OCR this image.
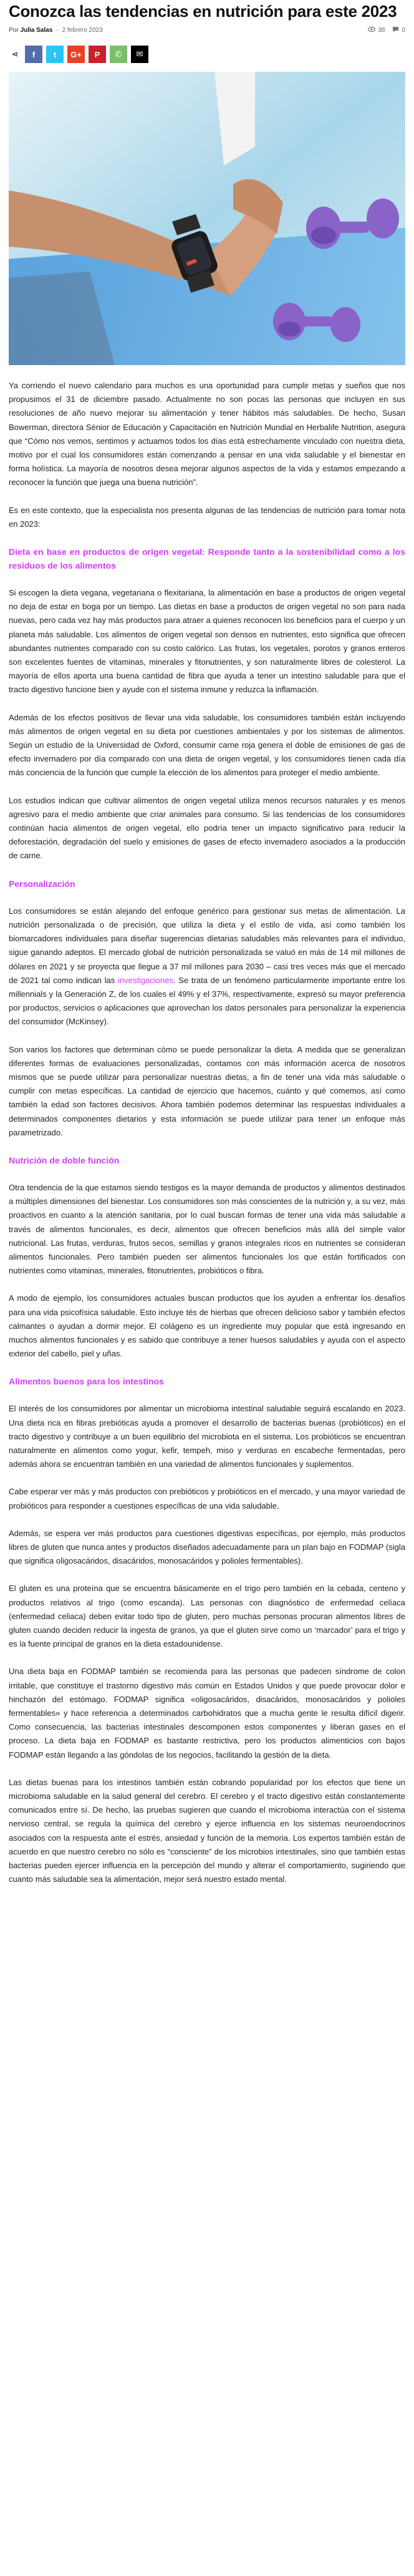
Conozca las tendencias en nutrición para este 2023
Por Julia Salas - 2 febrero 2023	38	0
⋖ f t G+ P ✆ ✉

Ya corriendo el nuevo calendario para muchos es una oportunidad para cumplir metas y sueños que nos propusimos el 31 de diciembre pasado. Actualmente no son pocas las personas que incluyen en sus resoluciones de año nuevo mejorar su alimentación y tener hábitos más saludables. De hecho, Susan Bowerman, directora Sénior de Educación y Capacitación en Nutrición Mundial en Herbalife Nutrition, asegura que “Cómo nos vemos, sentimos y actuamos todos los días está estrechamente vinculado con nuestra dieta, motivo por el cual los consumidores están comenzando a pensar en una vida saludable y el bienestar en forma holística. La mayoría de nosotros desea mejorar algunos aspectos de la vida y estamos empezando a reconocer la función que juega una buena nutrición”.

Es en este contexto, que la especialista nos presenta algunas de las tendencias de nutrición para tomar nota en 2023:

Dieta en base en productos de origen vegetal: Responde tanto a la sostenibilidad como a los residuos de los alimentos

Si escogen la dieta vegana, vegetariana o flexitariana, la alimentación en base a productos de origen vegetal no deja de estar en boga por un tiempo. Las dietas en base a productos de origen vegetal no son para nada nuevas, pero cada vez hay más productos para atraer a quienes reconocen los beneficios para el cuerpo y un planeta más saludable. Los alimentos de origen vegetal son densos en nutrientes, esto significa que ofrecen abundantes nutrientes comparado con su costo calórico. Las frutas, los vegetales, porotos y granos enteros son excelentes fuentes de vitaminas, minerales y fitonutrientes, y son naturalmente libres de colesterol. La mayoría de ellos aporta una buena cantidad de fibra que ayuda a tener un intestino saludable para que el tracto digestivo funcione bien y ayude con el sistema inmune y reduzca la inflamación.

Además de los efectos positivos de llevar una vida saludable, los consumidores también están incluyendo más alimentos de origen vegetal en su dieta por cuestiones ambientales y por los sistemas de alimentos. Según un estudio de la Universidad de Oxford, consumir carne roja genera el doble de emisiones de gas de efecto invernadero por día comparado con una dieta de origen vegetal, y los consumidores tienen cada día más conciencia de la función que cumple la elección de los alimentos para proteger el medio ambiente.

Los estudios indican que cultivar alimentos de origen vegetal utiliza menos recursos naturales y es menos agresivo para el medio ambiente que criar animales para consumo. Si las tendencias de los consumidores continúan hacia alimentos de origen vegetal, ello podría tener un impacto significativo para reducir la deforestación, degradación del suelo y emisiones de gases de efecto invernadero asociados a la producción de carne.

Personalización

Los consumidores se están alejando del enfoque genérico para gestionar sus metas de alimentación. La nutrición personalizada o de precisión, que utiliza la dieta y el estilo de vida, así como también los biomarcadores individuales para diseñar sugerencias dietarias saludables más relevantes para el individuo, sigue ganando adeptos. El mercado global de nutrición personalizada se valuó en más de 14 mil millones de dólares en 2021 y se proyecta que llegue a 37 mil millones para 2030 – casi tres veces más que el mercado de 2021 tal como indican las investigaciones. Se trata de un fenómeno particularmente importante entre los millennials y la Generación Z, de los cuales el 49% y el 37%, respectivamente, expresó su mayor preferencia por productos, servicios o aplicaciones que aprovechan los datos personales para personalizar la experiencia del consumidor (McKinsey).

Son varios los factores que determinan cómo se puede personalizar la dieta. A medida que se generalizan diferentes formas de evaluaciones personalizadas, contamos con más información acerca de nosotros mismos que se puede utilizar para personalizar nuestras dietas, a fin de tener una vida más saludable o cumplir con metas específicas. La cantidad de ejercicio que hacemos, cuánto y qué comemos, así como también la edad son factores decisivos. Ahora también podemos determinar las respuestas individuales a determinados componentes dietarios y esta información se puede utilizar para tener un enfoque más parametrizado.

Nutrición de doble función

Otra tendencia de la que estamos siendo testigos es la mayor demanda de productos y alimentos destinados a múltiples dimensiones del bienestar. Los consumidores son más conscientes de la nutrición y, a su vez, más proactivos en cuanto a la atención sanitaria, por lo cual buscan formas de tener una vida más saludable a través de alimentos funcionales, es decir, alimentos que ofrecen beneficios más allá del simple valor nutricional. Las frutas, verduras, frutos secos, semillas y granos integrales ricos en nutrientes se consideran alimentos funcionales. Pero también pueden ser alimentos funcionales los que están fortificados con nutrientes como vitaminas, minerales, fitonutrientes, probióticos o fibra.

A modo de ejemplo, los consumidores actuales buscan productos que los ayuden a enfrentar los desafíos para una vida psicofísica saludable. Esto incluye tés de hierbas que ofrecen delicioso sabor y también efectos calmantes o ayudan a dormir mejor. El colágeno es un ingrediente muy popular que está ingresando en muchos alimentos funcionales y es sabido que contribuye a tener huesos saludables y ayuda con el aspecto exterior del cabello, piel y uñas.

Alimentos buenos para los intestinos

El interés de los consumidores por alimentar un microbioma intestinal saludable seguirá escalando en 2023. Una dieta rica en fibras prebióticas ayuda a promover el desarrollo de bacterias buenas (probióticos) en el tracto digestivo y contribuye a un buen equilibrio del microbiota en el sistema. Los probióticos se encuentran naturalmente en alimentos como yogur, kefir, tempeh, miso y verduras en escabeche fermentadas, pero además ahora se encuentran también en una variedad de alimentos funcionales y suplementos.

Cabe esperar ver más y más productos con prebióticos y probióticos en el mercado, y una mayor variedad de probióticos para responder a cuestiones específicas de una vida saludable.

Además, se espera ver más productos para cuestiones digestivas específicas, por ejemplo, más productos libres de gluten que nunca antes y productos diseñados adecuadamente para un plan bajo en FODMAP (sigla que significa oligosacáridos, disacáridos, monosacáridos y polioles fermentables).

El gluten es una proteína que se encuentra básicamente en el trigo pero también en la cebada, centeno y productos relativos al trigo (como escanda). Las personas con diagnóstico de enfermedad celíaca (enfermedad celiaca) deben evitar todo tipo de gluten, pero muchas personas procuran alimentos libres de gluten cuando deciden reducir la ingesta de granos, ya que el gluten sirve como un ‘marcador’ para el trigo y es la fuente principal de granos en la dieta estadounidense.

Una dieta baja en FODMAP también se recomienda para las personas que padecen síndrome de colon irritable, que constituye el trastorno digestivo más común en Estados Unidos y que puede provocar dolor e hinchazón del estómago. FODMAP significa «oligosacáridos, disacáridos, monosacáridos y polioles fermentables» y hace referencia a determinados carbohidratos que a mucha gente le resulta difícil digerir. Como consecuencia, las bacterias intestinales descomponen estos componentes y liberan gases en el proceso. La dieta baja en FODMAP es bastante restrictiva, pero los productos alimenticios con bajos FODMAP están llegando a las góndolas de los negocios, facilitando la gestión de la dieta.

Las dietas buenas para los intestinos también están cobrando popularidad por los efectos que tiene un microbioma saludable en la salud general del cerebro. El cerebro y el tracto digestivo están constantemente comunicados entre sí. De hecho, las pruebas sugieren que cuando el microbioma interactúa con el sistema nervioso central, se regula la química del cerebro y ejerce influencia en los sistemas neuroendocrinos asociados con la respuesta ante el estrés, ansiedad y función de la memoria. Los expertos también están de acuerdo en que nuestro cerebro no sólo es “consciente” de los microbios intestinales, sino que también estas bacterias pueden ejercer influencia en la percepción del mundo y alterar el comportamiento, sugiriendo que cuanto más saludable sea la alimentación, mejor será nuestro estado mental.
